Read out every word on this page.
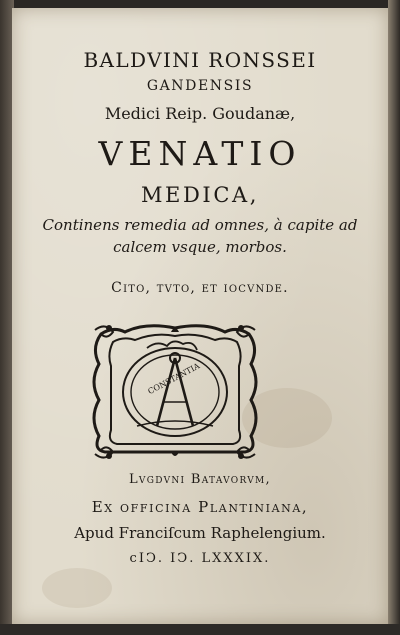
BALDVINI RONSSEI
GANDENSIS
Medici Reip. Goudanæ,
VENATIO
MEDICA,
Continens remedia ad omnes, à capite ad
calcem vsque, morbos.
Cito, tvto, et iocvnde.
CONSTANTIA
Lvgdvni Batavorvm,
Ex officina Plantiniana,
Apud Franciſcum Raphelengium.
cIↃ. IↃ. LXXXIX.
